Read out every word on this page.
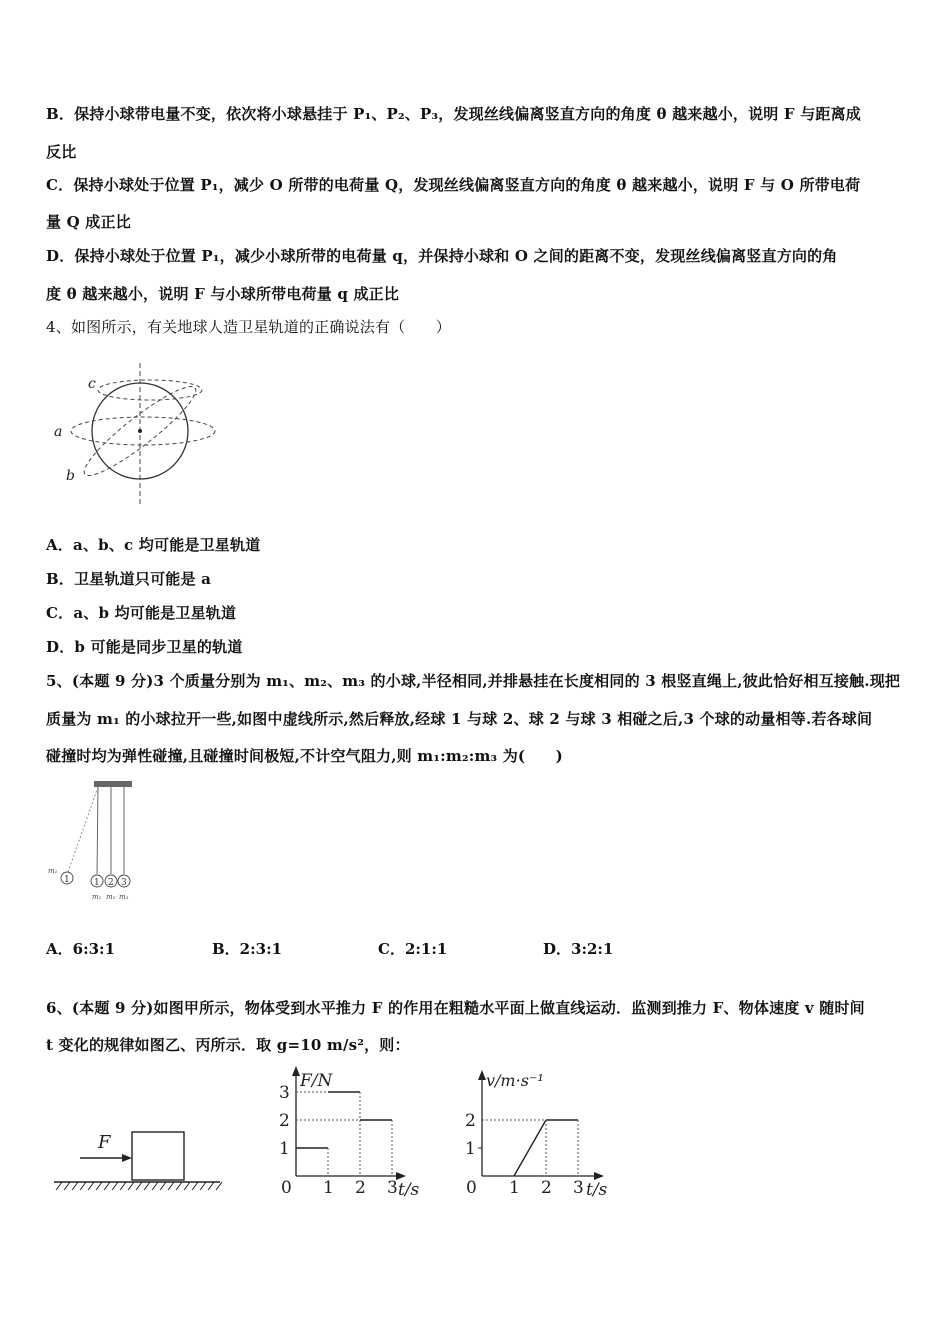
B．保持小球带电量不变，依次将小球悬挂于 P₁、P₂、P₃，发现丝线偏离竖直方向的角度 θ 越来越小，说明 F 与距离成
反比
C．保持小球处于位置 P₁，减少 O 所带的电荷量 Q，发现丝线偏离竖直方向的角度 θ 越来越小，说明 F 与 O 所带电荷
量 Q 成正比
D．保持小球处于位置 P₁，减少小球所带的电荷量 q，并保持小球和 O 之间的距离不变，发现丝线偏离竖直方向的角
度 θ 越来越小，说明 F 与小球所带电荷量 q 成正比
4、如图所示，有关地球人造卫星轨道的正确说法有（　　）
c
a
b
A．a、b、c 均可能是卫星轨道
B．卫星轨道只可能是 a
C．a、b 均可能是卫星轨道
D．b 可能是同步卫星的轨道
5、(本题 9 分)3 个质量分别为 m₁、m₂、m₃ 的小球,半径相同,并排悬挂在长度相同的 3 根竖直绳上,彼此恰好相互接触.现把
质量为 m₁ 的小球拉开一些,如图中虚线所示,然后释放,经球 1 与球 2、球 2 与球 3 相碰之后,3 个球的动量相等.若各球间
碰撞时均为弹性碰撞,且碰撞时间极短,不计空气阻力,则 m₁:m₂:m₃ 为(　　)
1	1 2 3
m₁
m₁ m₂ m₃
A．6:3:1	B．2:3:1	C．2:1:1	D．3:2:1
6、(本题 9 分)如图甲所示，物体受到水平推力 F 的作用在粗糙水平面上做直线运动．监测到推力 F、物体速度 v 随时间
t 变化的规律如图乙、丙所示．取 g=10 m/s²，则：
F
F/N
t/s
0 1 2 3
1
2
3
v/m·s⁻¹
t/s
0 1 2 3
1
2
